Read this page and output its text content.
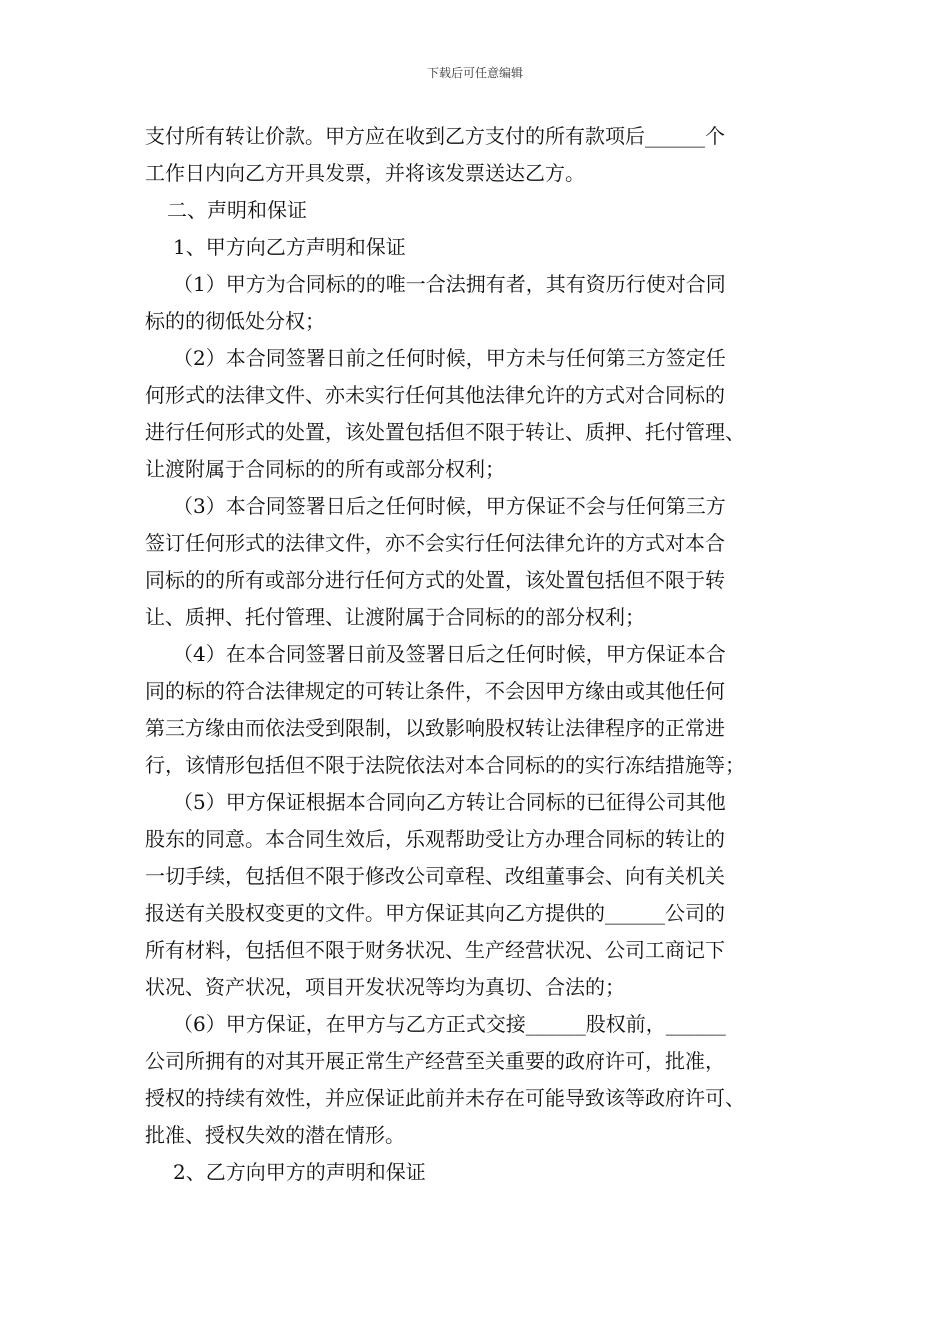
下载后可任意编辑
支付所有转让价款。甲方应在收到乙方支付的所有款项后______个
工作日内向乙方开具发票，并将该发票送达乙方。
二、声明和保证
1、甲方向乙方声明和保证
（1）甲方为合同标的的唯一合法拥有者，其有资历行使对合同
标的的彻低处分权；
（2）本合同签署日前之任何时候，甲方未与任何第三方签定任
何形式的法律文件、亦未实行任何其他法律允许的方式对合同标的
进行任何形式的处置，该处置包括但不限于转让、质押、托付管理、
让渡附属于合同标的的所有或部分权利；
（3）本合同签署日后之任何时候，甲方保证不会与任何第三方
签订任何形式的法律文件，亦不会实行任何法律允许的方式对本合
同标的的所有或部分进行任何方式的处置，该处置包括但不限于转
让、质押、托付管理、让渡附属于合同标的的部分权利；
（4）在本合同签署日前及签署日后之任何时候，甲方保证本合
同的标的符合法律规定的可转让条件，不会因甲方缘由或其他任何
第三方缘由而依法受到限制，以致影响股权转让法律程序的正常进
行，该情形包括但不限于法院依法对本合同标的的实行冻结措施等；
（5）甲方保证根据本合同向乙方转让合同标的已征得公司其他
股东的同意。本合同生效后，乐观帮助受让方办理合同标的转让的
一切手续，包括但不限于修改公司章程、改组董事会、向有关机关
报送有关股权变更的文件。甲方保证其向乙方提供的______公司的
所有材料，包括但不限于财务状况、生产经营状况、公司工商记下
状况、资产状况，项目开发状况等均为真切、合法的；
（6）甲方保证，在甲方与乙方正式交接______股权前，______
公司所拥有的对其开展正常生产经营至关重要的政府许可，批准，
授权的持续有效性，并应保证此前并未存在可能导致该等政府许可、
批准、授权失效的潜在情形。
2、乙方向甲方的声明和保证
